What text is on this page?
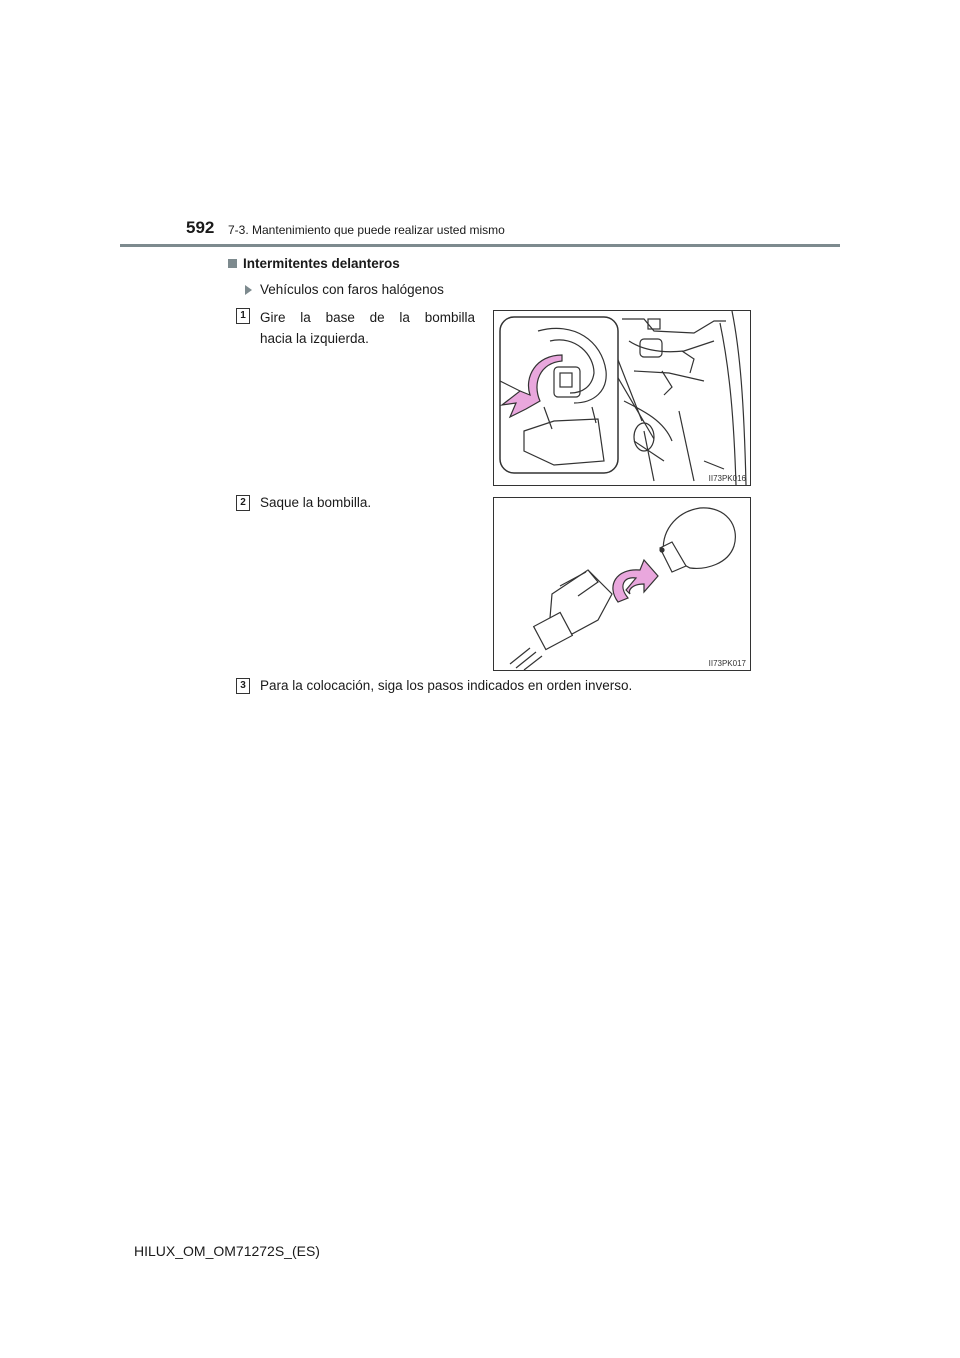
592 7-3. Mantenimiento que puede realizar usted mismo
Intermitentes delanteros
Vehículos con faros halógenos
1	Gire la base de la bombilla
hacia la izquierda.
II73PK016
2	Saque la bombilla.
II73PK017
3	Para la colocación, siga los pasos indicados en orden inverso.
HILUX_OM_OM71272S_(ES)
